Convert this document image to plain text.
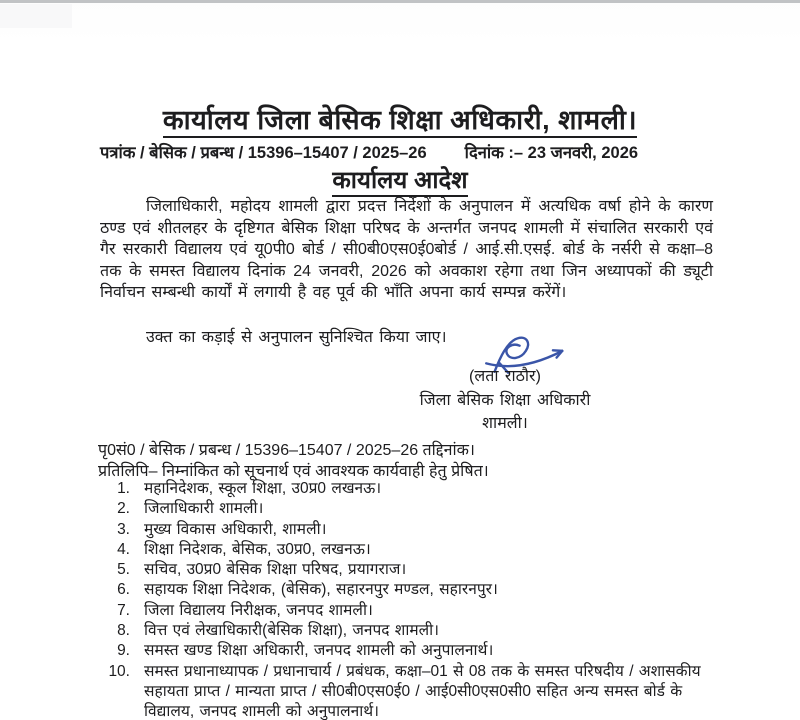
कार्यालय जिला बेसिक शिक्षा अधिकारी, शामली।
पत्रांक / बेसिक / प्रबन्ध / 15396–15407 / 2025–26 दिनांक :– 23 जनवरी, 2026
कार्यालय आदेश
जिलाधिकारी, महोदय शामली द्वारा प्रदत्त निर्देशों के अनुपालन में अत्यधिक वर्षा होने के कारण ठण्ड एवं शीतलहर के दृष्टिगत बेसिक शिक्षा परिषद के अन्तर्गत जनपद शामली में संचालित सरकारी एवं गैर सरकारी विद्यालय एवं यू0पी0 बोर्ड / सी0बी0एस0ई0बोर्ड / आई.सी.एसई. बोर्ड के नर्सरी से कक्षा–8 तक के समस्त विद्यालय दिनांक 24 जनवरी, 2026 को अवकाश रहेगा तथा जिन अध्यापकों की ड्यूटी निर्वाचन सम्बन्धी कार्यों में लगायी है वह पूर्व की भाँति अपना कार्य सम्पन्न करेंगें।
उक्त का कड़ाई से अनुपालन सुनिश्चित किया जाए।
(लता राठौर)
जिला बेसिक शिक्षा अधिकारी
शामली।
पृ0सं0 / बेसिक / प्रबन्ध / 15396–15407 / 2025–26 तद्दिनांक।
प्रतिलिपि– निम्नांकित को सूचनार्थ एवं आवश्यक कार्यवाही हेतु प्रेषित।
1. महानिदेशक, स्कूल शिक्षा, उ0प्र0 लखनऊ।
2. जिलाधिकारी शामली।
3. मुख्य विकास अधिकारी, शामली।
4. शिक्षा निदेशक, बेसिक, उ0प्र0, लखनऊ।
5. सचिव, उ0प्र0 बेसिक शिक्षा परिषद, प्रयागराज।
6. सहायक शिक्षा निदेशक, (बेसिक), सहारनपुर मण्डल, सहारनपुर।
7. जिला विद्यालय निरीक्षक, जनपद शामली।
8. वित्त एवं लेखाधिकारी(बेसिक शिक्षा), जनपद शामली।
9. समस्त खण्ड शिक्षा अधिकारी, जनपद शामली को अनुपालनार्थ।
10. समस्त प्रधानाध्यापक / प्रधानाचार्य / प्रबंधक, कक्षा–01 से 08 तक के समस्त परिषदीय / अशासकीय सहायता प्राप्त / मान्यता प्राप्त / सी0बी0एस0ई0 / आई0सी0एस0सी0 सहित अन्य समस्त बोर्ड के विद्यालय, जनपद शामली को अनुपालनार्थ।
